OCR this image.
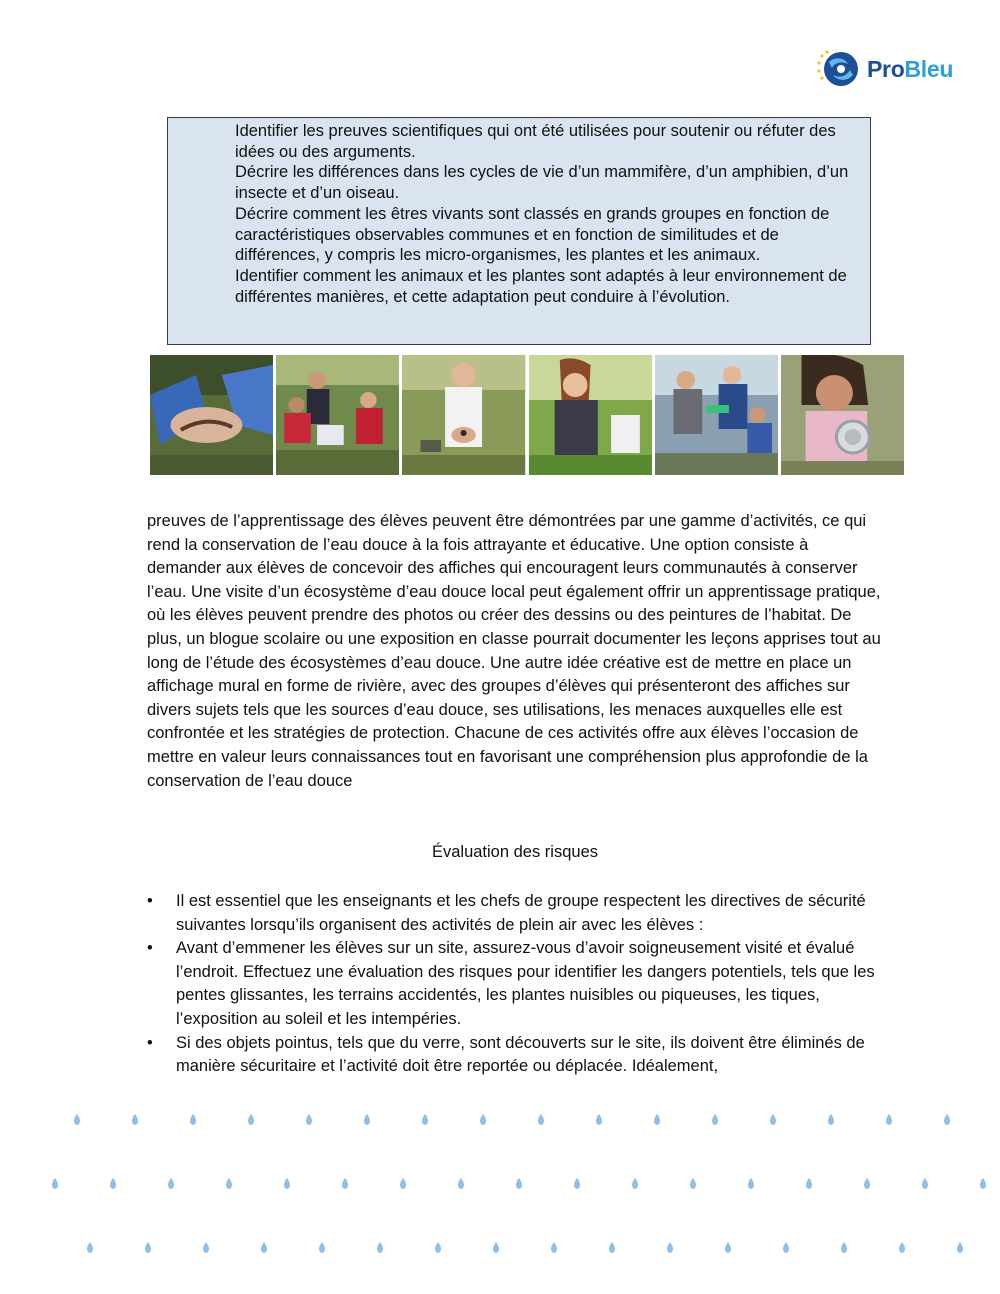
ProBleu

Identifier les preuves scientifiques qui ont été utilisées pour soutenir ou réfuter des idées ou des arguments.

Décrire les différences dans les cycles de vie d’un mammifère, d’un amphibien, d’un insecte et d’un oiseau.

Décrire comment les êtres vivants sont classés en grands groupes en fonction de caractéristiques observables communes et en fonction de similitudes et de différences, y compris les micro-organismes, les plantes et les animaux.

Identifier comment les animaux et les plantes sont adaptés à leur environnement de différentes manières, et cette adaptation peut conduire à l’évolution.

preuves de l’apprentissage des élèves peuvent être démontrées par une gamme d’activités, ce qui rend la conservation de l’eau douce à la fois attrayante et éducative. Une option consiste à demander aux élèves de concevoir des affiches qui encouragent leurs communautés à conserver l’eau. Une visite d’un écosystème d’eau douce local peut également offrir un apprentissage pratique, où les élèves peuvent prendre des photos ou créer des dessins ou des peintures de l’habitat. De plus, un blogue scolaire ou une exposition en classe pourrait documenter les leçons apprises tout au long de l’étude des écosystèmes d’eau douce. Une autre idée créative est de mettre en place un affichage mural en forme de rivière, avec des groupes d’élèves qui présenteront des affiches sur divers sujets tels que les sources d’eau douce, ses utilisations, les menaces auxquelles elle est confrontée et les stratégies de protection. Chacune de ces activités offre aux élèves l’occasion de mettre en valeur leurs connaissances tout en favorisant une compréhension plus approfondie de la conservation de l’eau douce

Évaluation des risques

• Il est essentiel que les enseignants et les chefs de groupe respectent les directives de sécurité suivantes lorsqu’ils organisent des activités de plein air avec les élèves :
• Avant d’emmener les élèves sur un site, assurez-vous d’avoir soigneusement visité et évalué l’endroit. Effectuez une évaluation des risques pour identifier les dangers potentiels, tels que les pentes glissantes, les terrains accidentés, les plantes nuisibles ou piqueuses, les tiques, l’exposition au soleil et les intempéries.
• Si des objets pointus, tels que du verre, sont découverts sur le site, ils doivent être éliminés de manière sécuritaire et l’activité doit être reportée ou déplacée. Idéalement,
